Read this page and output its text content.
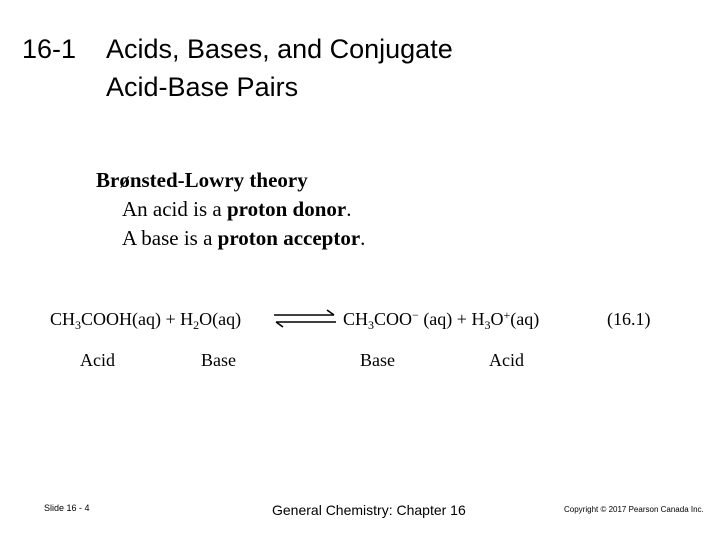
16-1 Acids, Bases, and Conjugate
Acid-Base Pairs
Brønsted-Lowry theory
An acid is a proton donor.
A base is a proton acceptor.
$CH_3COOH(aq) + H_2O(aq)$	$CH_3COO^-$ $(aq) + H_3O^+(aq)$	(16.1)
Acid	Base	Base	Acid
Slide 16 - 4	General Chemistry: Chapter 16	Copyright © 2017 Pearson Canada Inc.
